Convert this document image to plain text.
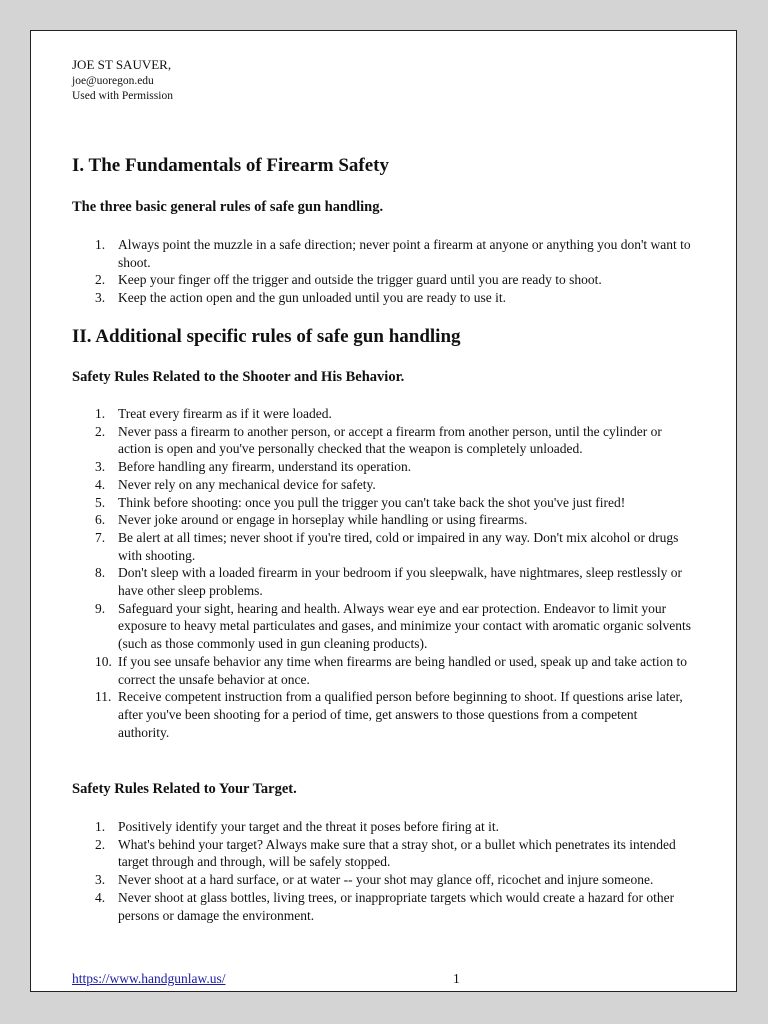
JOE ST SAUVER,
joe@uoregon.edu
Used with Permission
I. The Fundamentals of Firearm Safety
The three basic general rules of safe gun handling.
1. Always point the muzzle in a safe direction; never point a firearm at anyone or anything you don't want to shoot.
2. Keep your finger off the trigger and outside the trigger guard until you are ready to shoot.
3. Keep the action open and the gun unloaded until you are ready to use it.
II. Additional specific rules of safe gun handling
Safety Rules Related to the Shooter and His Behavior.
1. Treat every firearm as if it were loaded.
2. Never pass a firearm to another person, or accept a firearm from another person, until the cylinder or action is open and you've personally checked that the weapon is completely unloaded.
3. Before handling any firearm, understand its operation.
4. Never rely on any mechanical device for safety.
5. Think before shooting: once you pull the trigger you can't take back the shot you've just fired!
6. Never joke around or engage in horseplay while handling or using firearms.
7. Be alert at all times; never shoot if you're tired, cold or impaired in any way. Don't mix alcohol or drugs with shooting.
8. Don't sleep with a loaded firearm in your bedroom if you sleepwalk, have nightmares, sleep restlessly or have other sleep problems.
9. Safeguard your sight, hearing and health. Always wear eye and ear protection. Endeavor to limit your exposure to heavy metal particulates and gases, and minimize your contact with aromatic organic solvents (such as those commonly used in gun cleaning products).
10. If you see unsafe behavior any time when firearms are being handled or used, speak up and take action to correct the unsafe behavior at once.
11. Receive competent instruction from a qualified person before beginning to shoot. If questions arise later, after you've been shooting for a period of time, get answers to those questions from a competent authority.
Safety Rules Related to Your Target.
1. Positively identify your target and the threat it poses before firing at it.
2. What's behind your target? Always make sure that a stray shot, or a bullet which penetrates its intended target through and through, will be safely stopped.
3. Never shoot at a hard surface, or at water -- your shot may glance off, ricochet and injure someone.
4. Never shoot at glass bottles, living trees, or inappropriate targets which would create a hazard for other persons or damage the environment.
https://www.handgunlaw.us/	1
